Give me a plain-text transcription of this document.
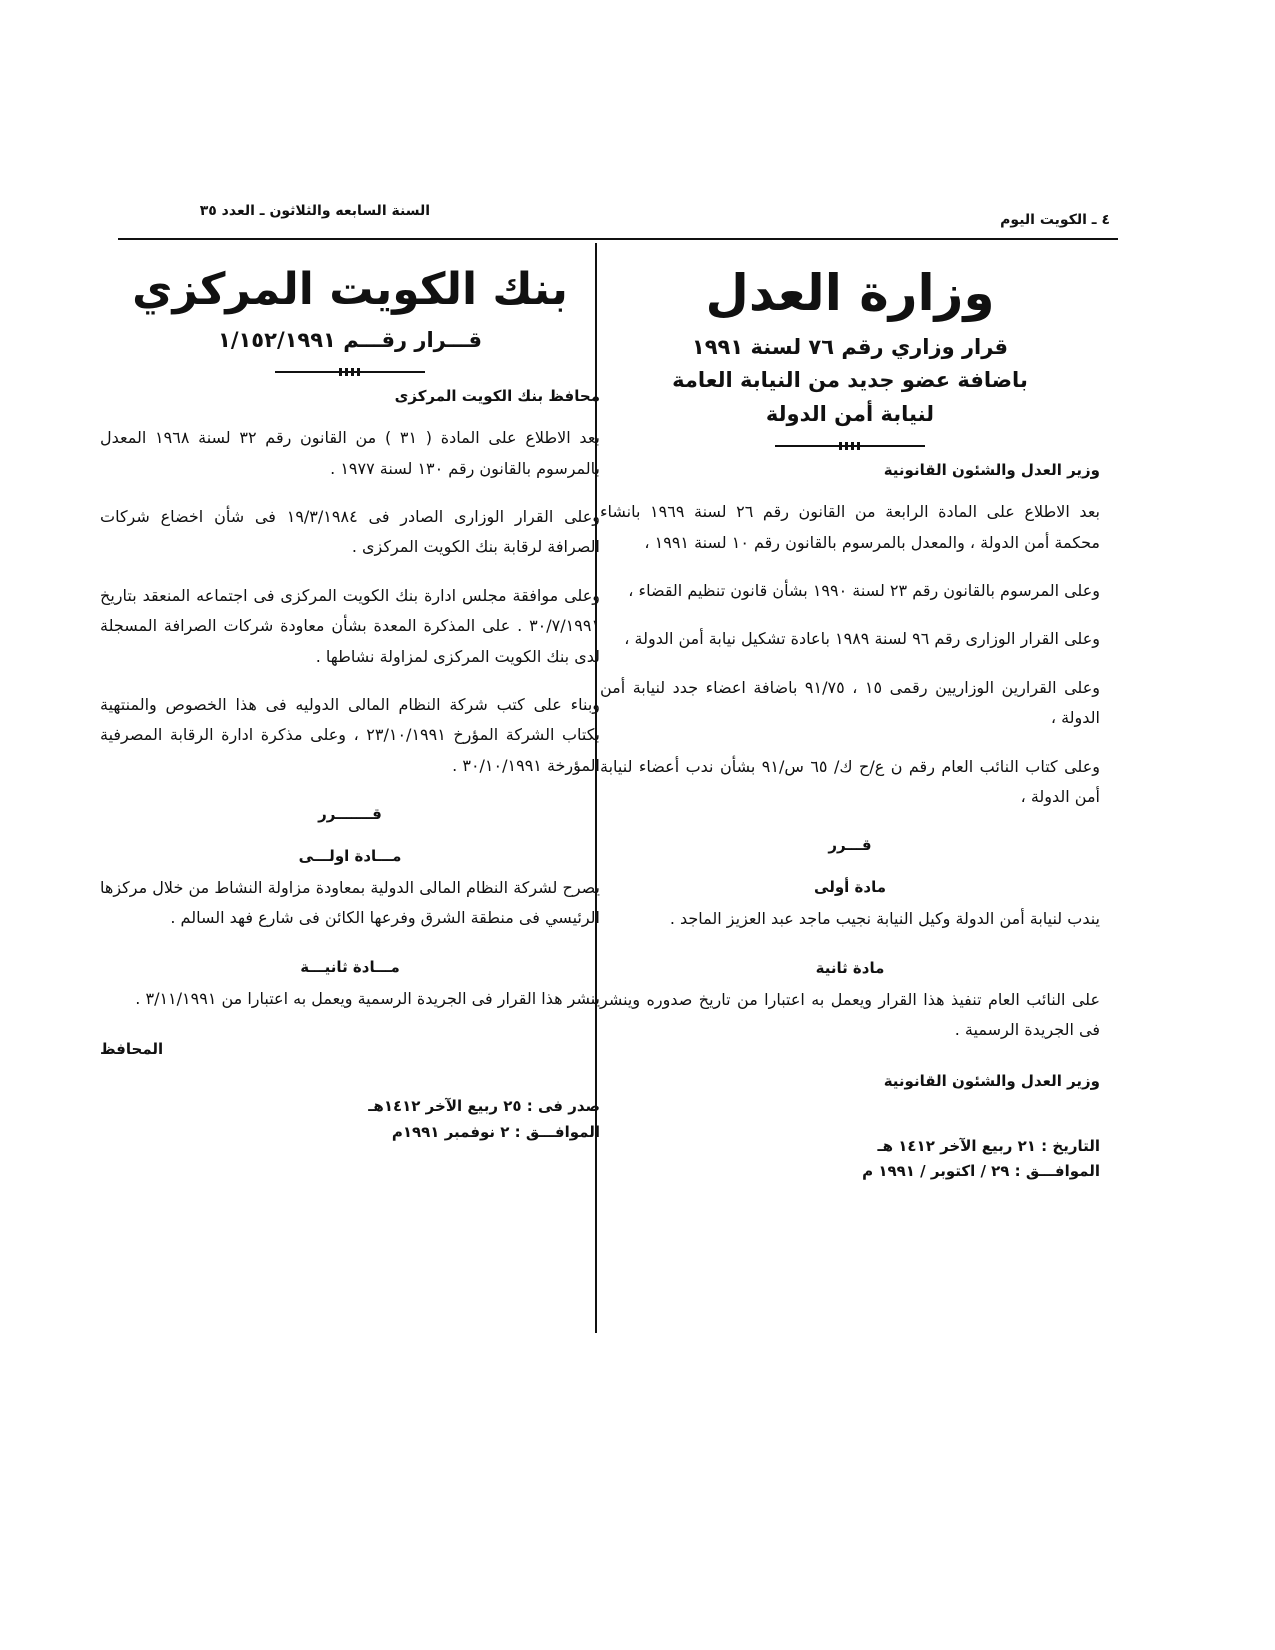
٤ ـ الكويت اليوم
السنة السابعه والثلاثون ـ العدد ٣٥
وزارة العدل
قرار وزاري رقم ٧٦ لسنة ١٩٩١
باضافة عضو جديد من النيابة العامة
لنيابة أمن الدولة
وزير العدل والشئون القانونية
بعد الاطلاع على المادة الرابعة من القانون رقم ٢٦ لسنة ١٩٦٩ بانشاء محكمة أمن الدولة ، والمعدل بالمرسوم بالقانون رقم ١٠ لسنة ١٩٩١ ،
وعلى المرسوم بالقانون رقم ٢٣ لسنة ١٩٩٠ بشأن قانون تنظيم القضاء ،
وعلى القرار الوزارى رقم ٩٦ لسنة ١٩٨٩ باعادة تشكيل نيابة أمن الدولة ،
وعلى القرارين الوزاريين رقمى ١٥ ، ٩١/٧٥ باضافة اعضاء جدد لنيابة أمن الدولة ،
وعلى كتاب النائب العام رقم ن ع/ح ك/ ٦٥ س/٩١ بشأن ندب أعضاء لنيابة أمن الدولة ،
قـــرر
مادة أولى
يندب لنيابة أمن الدولة وكيل النيابة نجيب ماجد عبد العزيز الماجد .
مادة ثانية
على النائب العام تنفيذ هذا القرار ويعمل به اعتبارا من تاريخ صدوره وينشر فى الجريدة الرسمية .
وزير العدل والشئون القانونية
التاريخ : ٢١ ربيع الآخر ١٤١٢ هـ
الموافـــق : ٢٩ / اكتوبر / ١٩٩١ م
بنك الكويت المركزي
قـــرار رقـــم ١/١٥٢/١٩٩١
محافظ بنك الكويت المركزى
بعد الاطلاع على المادة ( ٣١ ) من القانون رقم ٣٢ لسنة ١٩٦٨ المعدل بالمرسوم بالقانون رقم ١٣٠ لسنة ١٩٧٧ .
وعلى القرار الوزارى الصادر فى ١٩/٣/١٩٨٤ فى شأن اخضاع شركات الصرافة لرقابة بنك الكويت المركزى .
وعلى موافقة مجلس ادارة بنك الكويت المركزى فى اجتماعه المنعقد بتاريخ ٣٠/٧/١٩٩١ . على المذكرة المعدة بشأن معاودة شركات الصرافة المسجلة لدى بنك الكويت المركزى لمزاولة نشاطها .
وبناء على كتب شركة النظام المالى الدوليه فى هذا الخصوص والمنتهية بكتاب الشركة المؤرخ ٢٣/١٠/١٩٩١ ، وعلى مذكرة ادارة الرقابة المصرفية المؤرخة ٣٠/١٠/١٩٩١ .
قـــــــرر
مـــادة اولـــى
يصرح لشركة النظام المالى الدولية بمعاودة مزاولة النشاط من خلال مركزها الرئيسي فى منطقة الشرق وفرعها الكائن فى شارع فهد السالم .
مـــادة ثانيـــة
ينشر هذا القرار فى الجريدة الرسمية ويعمل به اعتبارا من ٣/١١/١٩٩١ .
المحافظ
صدر فى : ٢٥ ربيع الآخر ١٤١٢هـ
الموافـــق : ٢ نوفمبر ١٩٩١م
